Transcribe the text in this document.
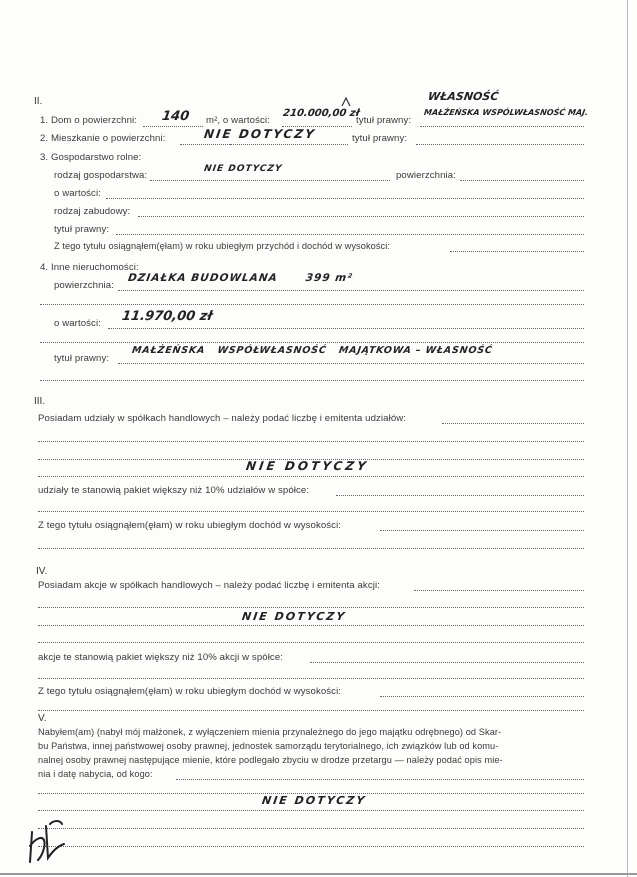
II.	WŁASNOŚĆ
1. Dom o powierzchni: 140 m², o wartości:
210.000,00 zł
tytuł prawny:
MAŁŻEŃSKA WSPÓLWŁASNOŚĆ MAJ.
2. Mieszkanie o powierzchni:	NIE DOTYCZY	tytuł prawny:
3. Gospodarstwo rolne:
rodzaj gospodarstwa:
NIE DOTYCZY
powierzchnia:
o wartości:
rodzaj zabudowy:
tytuł prawny:
Z tego tytułu osiągnąłem(ęłam) w roku ubiegłym przychód i dochód w wysokości:
4. Inne nieruchomości:
powierzchnia:
DZIAŁKA BUDOWLANA      399 m²
o wartości: 11.970,00 zł
tytuł prawny:
MAŁŻEŃSKA   WSPÓŁWŁASNOŚĆ   MAJĄTKOWA – WŁASNOŚĆ
III.
Posiadam udziały w spółkach handlowych – należy podać liczbę i emitenta udziałów:
NIE DOTYCZY
udziały te stanowią pakiet większy niż 10% udziałów w spółce:
Z tego tytułu osiągnąłem(ęłam) w roku ubiegłym dochód w wysokości:
IV.
Posiadam akcje w spółkach handlowych – należy podać liczbę i emitenta akcji:
NIE DOTYCZY
akcje te stanowią pakiet większy niż 10% akcji w spółce:
Z tego tytułu osiągnąłem(ęłam) w roku ubiegłym dochód w wysokości:
V.
Nabyłem(am) (nabył mój małżonek, z wyłączeniem mienia przynależnego do jego majątku odrębnego) od Skar-
bu Państwa, innej państwowej osoby prawnej, jednostek samorządu terytorialnego, ich związków lub od komu-
nalnej osoby prawnej następujące mienie, które podlegało zbyciu w drodze przetargu — należy podać opis mie-
nia i datę nabycia, od kogo:
NIE DOTYCZY
